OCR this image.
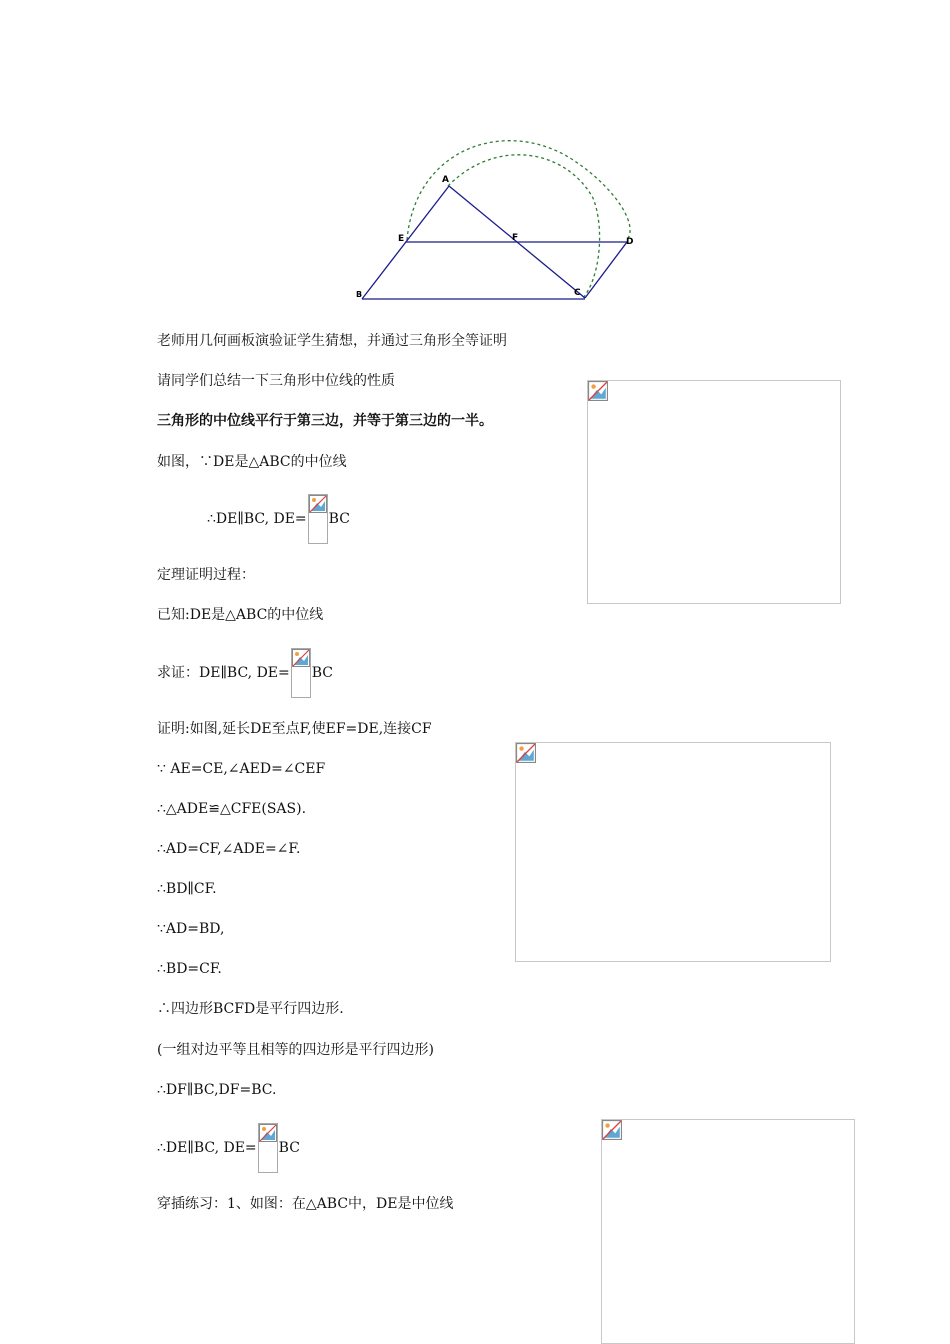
A
E	F	D
B	C
老师用几何画板演验证学生猜想，并通过三角形全等证明
请同学们总结一下三角形中位线的性质
三角形的中位线平行于第三边，并等于第三边的一半。
如图，∵DE是△ABC的中位线
∴DE∥BC, DE= BC
定理证明过程：
已知:DE是△ABC的中位线
求证：DE∥BC, DE= BC
证明:如图,延长DE至点F,使EF=DE,连接CF
∵ AE=CE,∠AED=∠CEF
∴△ADE≌△CFE(SAS).
∴AD=CF,∠ADE=∠F.
∴BD∥CF.
∵AD=BD,
∴BD=CF.
∴四边形BCFD是平行四边形.
(一组对边平等且相等的四边形是平行四边形)
∴DF∥BC,DF=BC.
∴DE∥BC, DE= BC
穿插练习：1、如图：在△ABC中，DE是中位线
